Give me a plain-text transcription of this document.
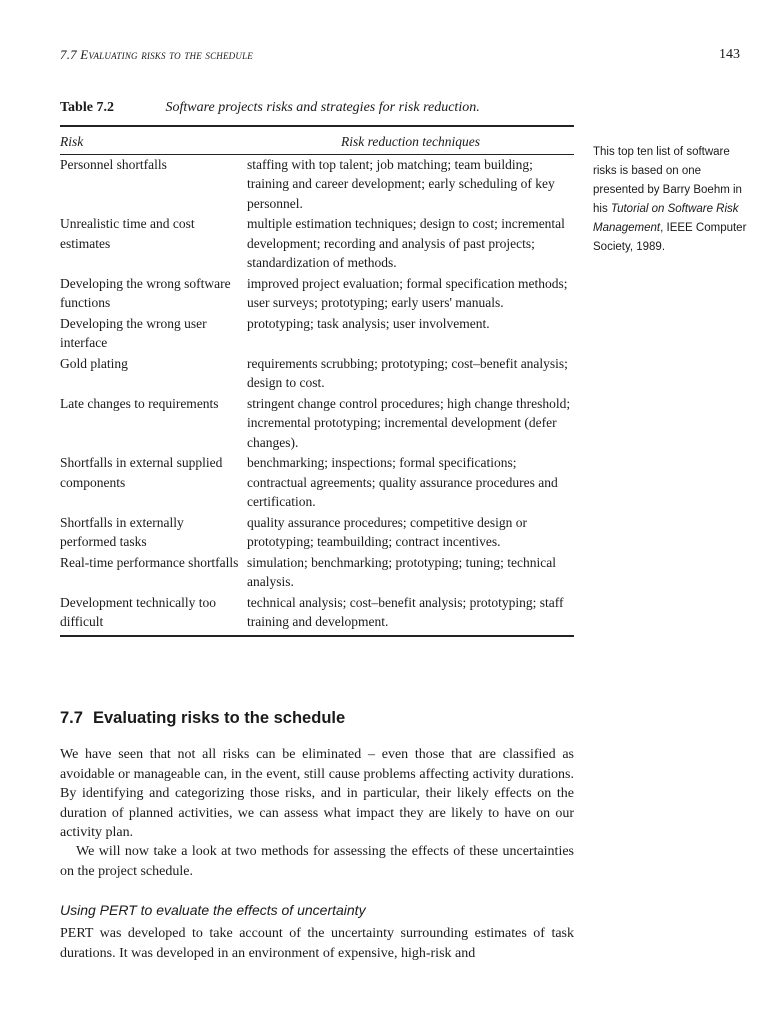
7.7 Evaluating risks to the schedule	143
Table 7.2	Software projects risks and strategies for risk reduction.
Risk	Risk reduction techniques
Personnel shortfalls	staffing with top talent; job matching; team building; training and career development; early scheduling of key personnel.
Unrealistic time and cost estimates	multiple estimation techniques; design to cost; incremental development; recording and analysis of past projects; standardization of methods.
Developing the wrong software functions	improved project evaluation; formal specification methods; user surveys; prototyping; early users' manuals.
Developing the wrong user interface	prototyping; task analysis; user involvement.
Gold plating	requirements scrubbing; prototyping; cost–benefit analysis; design to cost.
Late changes to requirements	stringent change control procedures; high change threshold; incremental prototyping; incremental development (defer changes).
Shortfalls in external supplied components	benchmarking; inspections; formal specifications; contractual agreements; quality assurance procedures and certification.
Shortfalls in externally performed tasks	quality assurance procedures; competitive design or prototyping; teambuilding; contract incentives.
Real-time performance shortfalls	simulation; benchmarking; prototyping; tuning; technical analysis.
Development technically too difficult	technical analysis; cost–benefit analysis; prototyping; staff training and development.
This top ten list of software risks is based on one presented by Barry Boehm in his Tutorial on Software Risk Management, IEEE Computer Society, 1989.
7.7 Evaluating risks to the schedule

We have seen that not all risks can be eliminated – even those that are classified as avoidable or manageable can, in the event, still cause problems affecting activity durations. By identifying and categorizing those risks, and in particular, their likely effects on the duration of planned activities, we can assess what impact they are likely to have on our activity plan.

We will now take a look at two methods for assessing the effects of these uncertainties on the project schedule.

Using PERT to evaluate the effects of uncertainty

PERT was developed to take account of the uncertainty surrounding estimates of task durations. It was developed in an environment of expensive, high-risk and
